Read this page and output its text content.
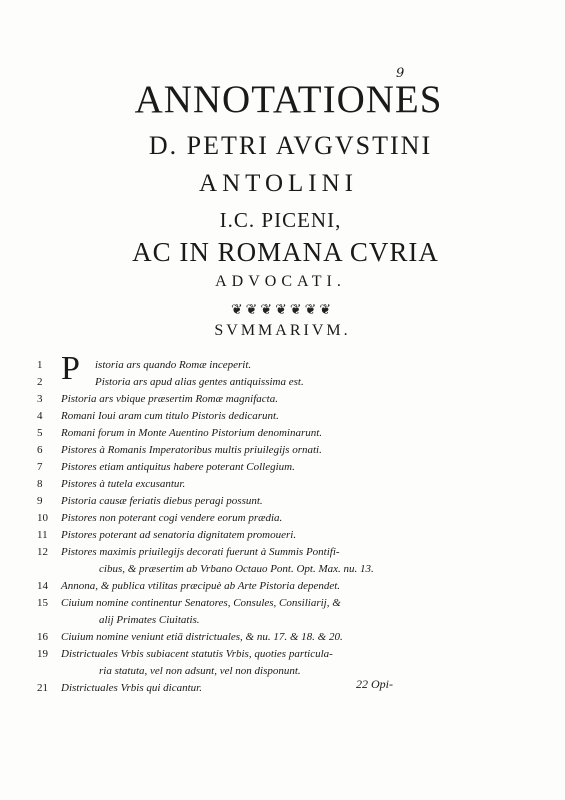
9
ANNOTATIONES
D. PETRI AVGVSTINI
ANTOLINI
I.C. PICENI,
AC IN ROMANA CVRIA
ADVOCATI.
❦❦❦❦❦❦❦
SVMMARIVM.
P
1	istoria ars quando Romæ inceperit.
2	Pistoria ars apud alias gentes antiquissima est.
3	Pistoria ars vbique præsertim Romæ magnifacta.
4	Romani Ioui aram cum titulo Pistoris dedicarunt.
5	Romani forum in Monte Auentino Pistorium denominarunt.
6	Pistores à Romanis Imperatoribus multis priuilegijs ornati.
7	Pistores etiam antiquitus habere poterant Collegium.
8	Pistores à tutela excusantur.
9	Pistoria causæ feriatis diebus peragi possunt.
10	Pistores non poterant cogi vendere eorum prædia.
11	Pistores poterant ad senatoria dignitatem promoueri.
12	Pistores maximis priuilegijs decorati fuerunt à Summis Pontifi-
cibus, & præsertim ab Vrbano Octauo Pont. Opt. Max. nu. 13.
14	Annona, & publica vtilitas præcipuè ab Arte Pistoria dependet.
15	Ciuium nomine continentur Senatores, Consules, Consiliarij, &
alij Primates Ciuitatis.
16	Ciuium nomine veniunt etiā districtuales, & nu. 17. & 18. & 20.
19	Districtuales Vrbis subiacent statutis Vrbis, quoties particula-
ria statuta, vel non adsunt, vel non disponunt.
21	Districtuales Vrbis qui dicantur.	22 Opi-
